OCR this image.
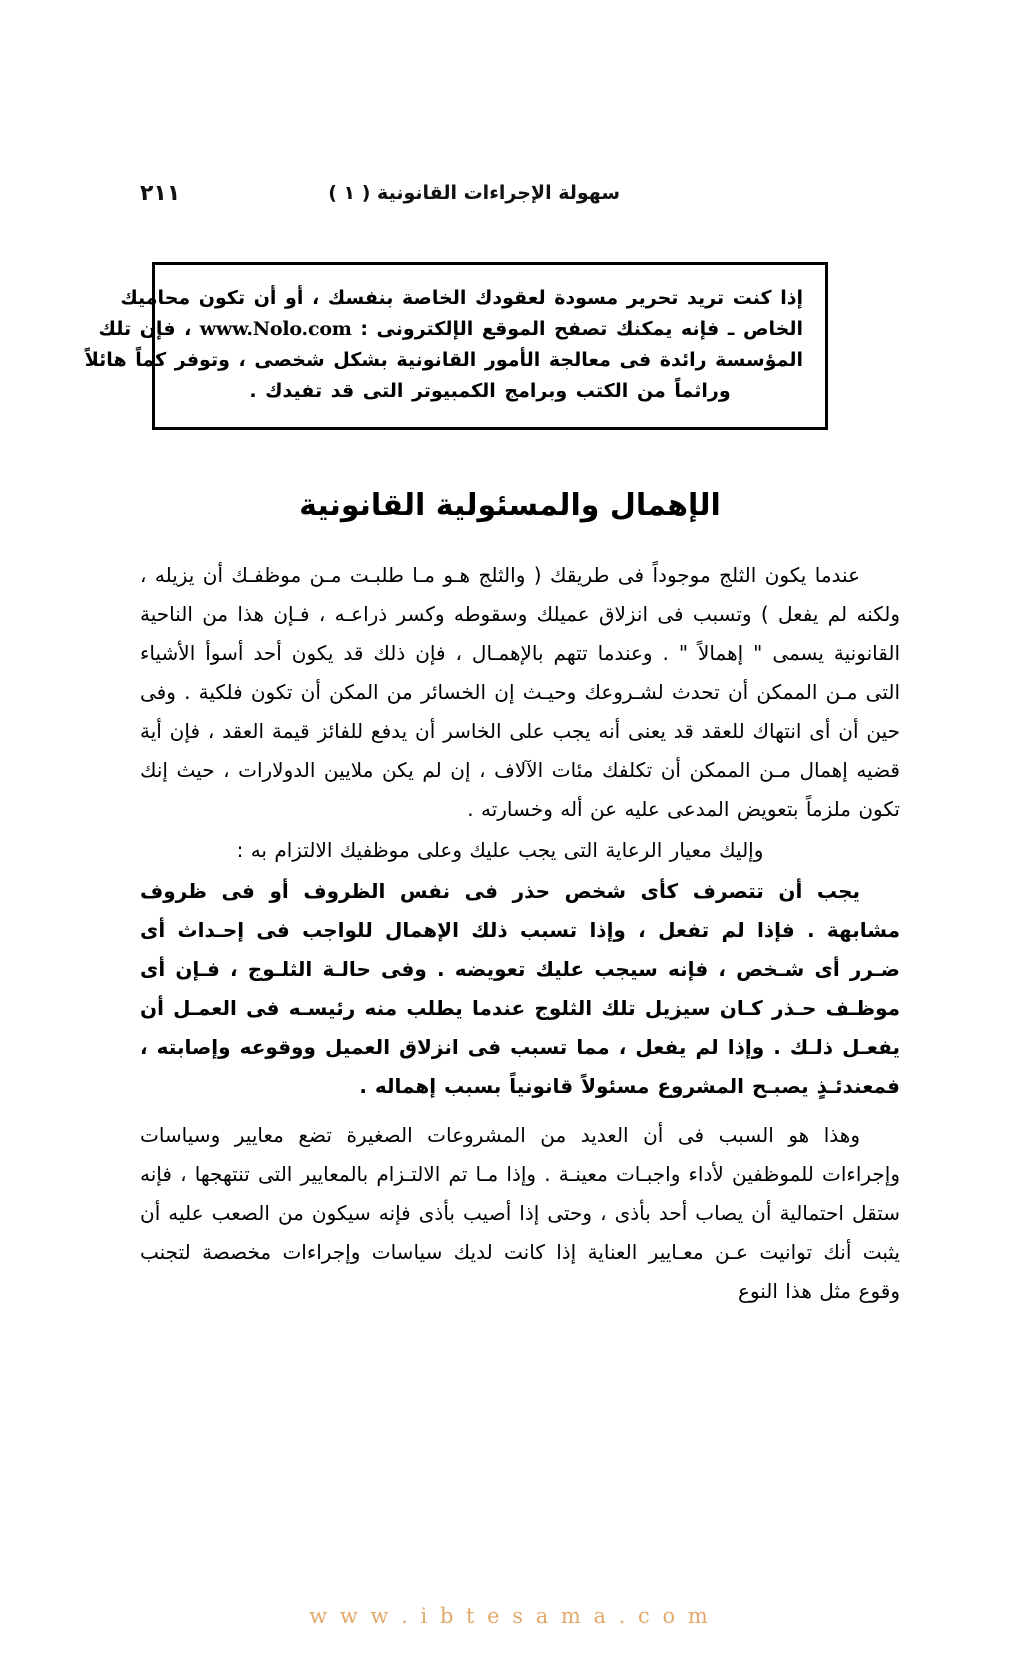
سهولة الإجراءات القانونية ( ١ )
٢١١
إذا كنت تريد تحرير مسودة لعقودك الخاصة بنفسك ، أو أن تكون محاميك
الخاص ـ فإنه يمكنك تصفح الموقع الإلكترونى : www.Nolo.com ، فإن تلك
المؤسسة رائدة فى معالجة الأمور القانونية بشكل شخصى ، وتوفر كماً هائلاً
وراثماً من الكتب وبرامج الكمبيوتر التى قد تفيدك .
الإهمال والمسئولية القانونية

عندما يكون الثلج موجوداً فى طريقك ( والثلج هـو مـا طلبـت مـن موظفـك أن يزيله ، ولكنه لم يفعل ) وتسبب فى انزلاق عميلك وسقوطه وكسر ذراعـه ، فـإن هذا من الناحية القانونية يسمى " إهمالاً " . وعندما تتهم بالإهمـال ، فإن ذلك قد يكون أحد أسوأ الأشياء التى مـن الممكن أن تحدث لشـروعك وحيـث إن الخسائر من المكن أن تكون فلكية . وفى حين أن أى انتهاك للعقد قد يعنى أنه يجب على الخاسر أن يدفع للفائز قيمة العقد ، فإن أية قضيه إهمال مـن الممكن أن تكلفك مئات الآلاف ، إن لم يكن ملايين الدولارات ، حيث إنك تكون ملزماً بتعويض المدعى عليه عن أله وخسارته .

وإليك معيار الرعاية التى يجب عليك وعلى موظفيك الالتزام به :

يجب أن تتصرف كأى شخص حذر فى نفس الظروف أو فى ظروف مشابهة . فإذا لم تفعل ، وإذا تسبب ذلك الإهمال للواجب فى إحـداث أى ضـرر أى شـخص ، فإنه سيجب عليك تعويضه . وفى حالـة الثلـوج ، فـإن أى موظـف حـذر كـان سيزيل تلك الثلوج عندما يطلب منه رئيسـه فى العمـل أن يفعـل ذلـك . وإذا لم يفعل ، مما تسبب فى انزلاق العميل ووقوعه وإصابته ، فمعندئـذٍ يصبـح المشروع مسئولاً قانونياً بسبب إهماله .

وهذا هو السبب فى أن العديد من المشروعات الصغيرة تضع معايير وسياسات وإجراءات للموظفين لأداء واجبـات معينـة . وإذا مـا تم الالتـزام بالمعايير التى تنتهجها ، فإنه ستقل احتمالية أن يصاب أحد بأذى ، وحتى إذا أصيب بأذى فإنه سيكون من الصعب عليه أن يثبت أنك توانيت عـن معـايير العناية إذا كانت لديك سياسات وإجراءات مخصصة لتجنب وقوع مثل هذا النوع

w w w . i b t e s a m a . c o m
